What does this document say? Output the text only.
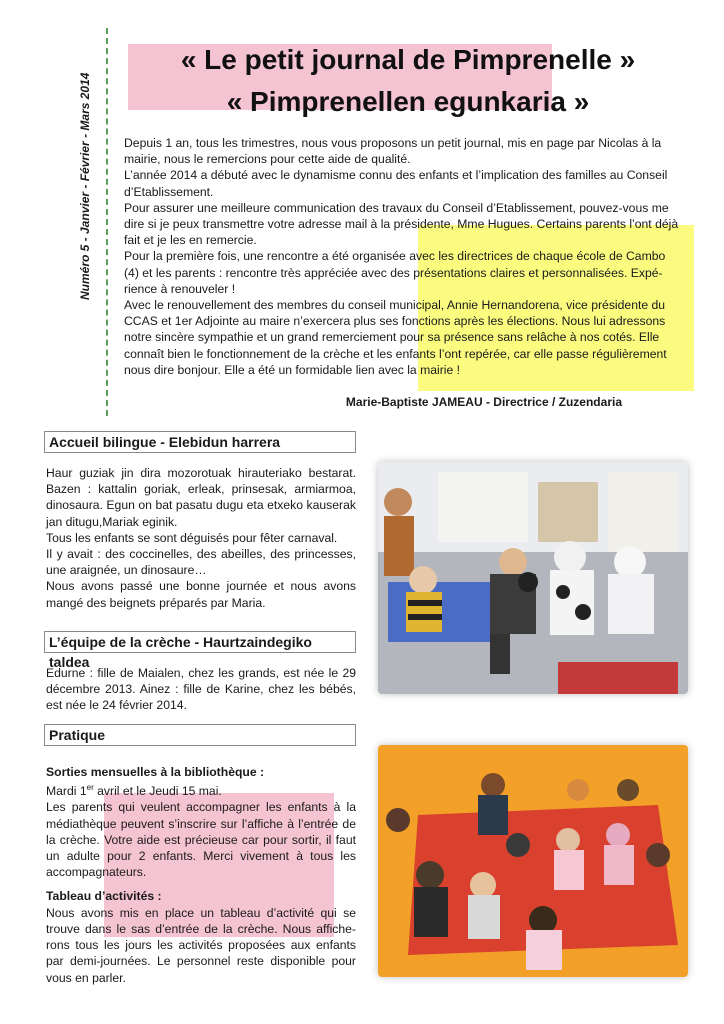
Numéro 5 - Janvier - Février - Mars 2014
« Le petit journal de Pimprenelle »
« Pimprenellen egunkaria »

Depuis 1 an, tous les trimestres, nous vous proposons un petit journal, mis en page par Nicolas à la mairie, nous le remercions pour cette aide de qualité.

L’année 2014 a débuté avec le dynamisme connu des enfants et l’implication des familles au Conseil d’Etablissement.

Pour assurer une meilleure communication des travaux du Conseil d’Etablissement, pouvez-vous me dire si je peux transmettre votre adresse mail à la présidente, Mme Hugues. Certains parents l’ont déjà fait et je les en remercie.

Pour la première fois, une rencontre a été organisée avec les directrices de chaque école de Cambo (4) et les parents : rencontre très appréciée avec des présentations claires et personnalisées. Expé-rience à renouveler !

Avec le renouvellement des membres du conseil municipal, Annie Hernandorena, vice présidente du CCAS et 1er Adjointe au maire n’exercera plus ses fonctions après les élections. Nous lui adressons notre sincère sympathie et un grand remerciement pour sa présence sans relâche à nos cotés. Elle connaît bien le fonctionnement de la crèche et les enfants l’ont repérée, car elle passe régulièrement nous dire bonjour. Elle a été un formidable lien avec la mairie !

Marie-Baptiste JAMEAU - Directrice / Zuzendaria
Accueil bilingue - Elebidun harrera

Haur guziak jin dira mozorotuak hirauteriako bestarat. Bazen : kattalin goriak, erleak, prinsesak, armiarmoa, dinosaura. Egun on bat pasatu dugu eta etxeko kauserak jan ditugu,Mariak eginik.

Tous les enfants se sont déguisés pour fêter carnaval.

Il y avait : des coccinelles, des abeilles, des princesses, une araignée, un dinosaure…

Nous avons passé une bonne journée et nous avons mangé des beignets préparés par Maria.

L’équipe de la crèche - Haurtzaindegiko taldea

Edurne : fille de Maialen, chez les grands, est née le 29 décembre 2013. Ainez : fille de Karine, chez les bébés, est née le 24 février 2014.

Pratique

Sorties mensuelles à la bibliothèque :

Mardi 1er avril et le Jeudi 15 mai.

Les parents qui veulent accompagner les enfants à la médiathèque peuvent s’inscrire sur l’affiche à l’entrée de la crèche. Votre aide est précieuse car pour sortir, il faut un adulte pour 2 enfants. Merci vivement à tous les accompagnateurs.

Tableau d’activités :

Nous avons mis en place un tableau d’activité qui se trouve dans le sas d’entrée de la crèche. Nous affiche-rons tous les jours les activités proposées aux enfants par demi-journées. Le personnel reste disponible pour vous en parler.
